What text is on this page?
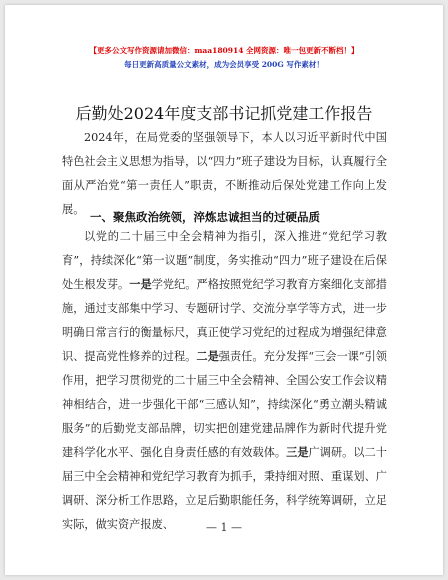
【更多公文写作资源请加微信：maa180914 全网资源：唯一包更新不断档！】
每日更新高质量公文素材，成为会员享受 200G 写作素材！
后勤处2024年度支部书记抓党建工作报告

2024年，在局党委的坚强领导下，本人以习近平新时代中国特色社会主义思想为指导，以“四力”班子建设为目标，认真履行全面从严治党“第一责任人”职责，不断推动后保处党建工作向上发展。

一、聚焦政治统领，淬炼忠诚担当的过硬品质

以党的二十届三中全会精神为指引，深入推进“党纪学习教育”，持续深化“第一议题”制度，务实推动“四力”班子建设在后保处生根发芽。一是学党纪。严格按照党纪学习教育方案细化支部措施，通过支部集中学习、专题研讨学、交流分享学等方式，进一步明确日常言行的衡量标尺，真正使学习党纪的过程成为增强纪律意识、提高党性修养的过程。二是强责任。充分发挥“三会一课”引领作用，把学习贯彻党的二十届三中全会精神、全国公安工作会议精神相结合，进一步强化干部“三感认知”，持续深化“勇立潮头精诚服务”的后勤党支部品牌，切实把创建党建品牌作为新时代提升党建科学化水平、强化自身责任感的有效载体。三是广调研。以二十届三中全会精神和党纪学习教育为抓手，秉持细对照、重谋划、广调研、深分析工作思路，立足后勤职能任务，科学统筹调研，立足实际，做实资产报废、	— 1 —
